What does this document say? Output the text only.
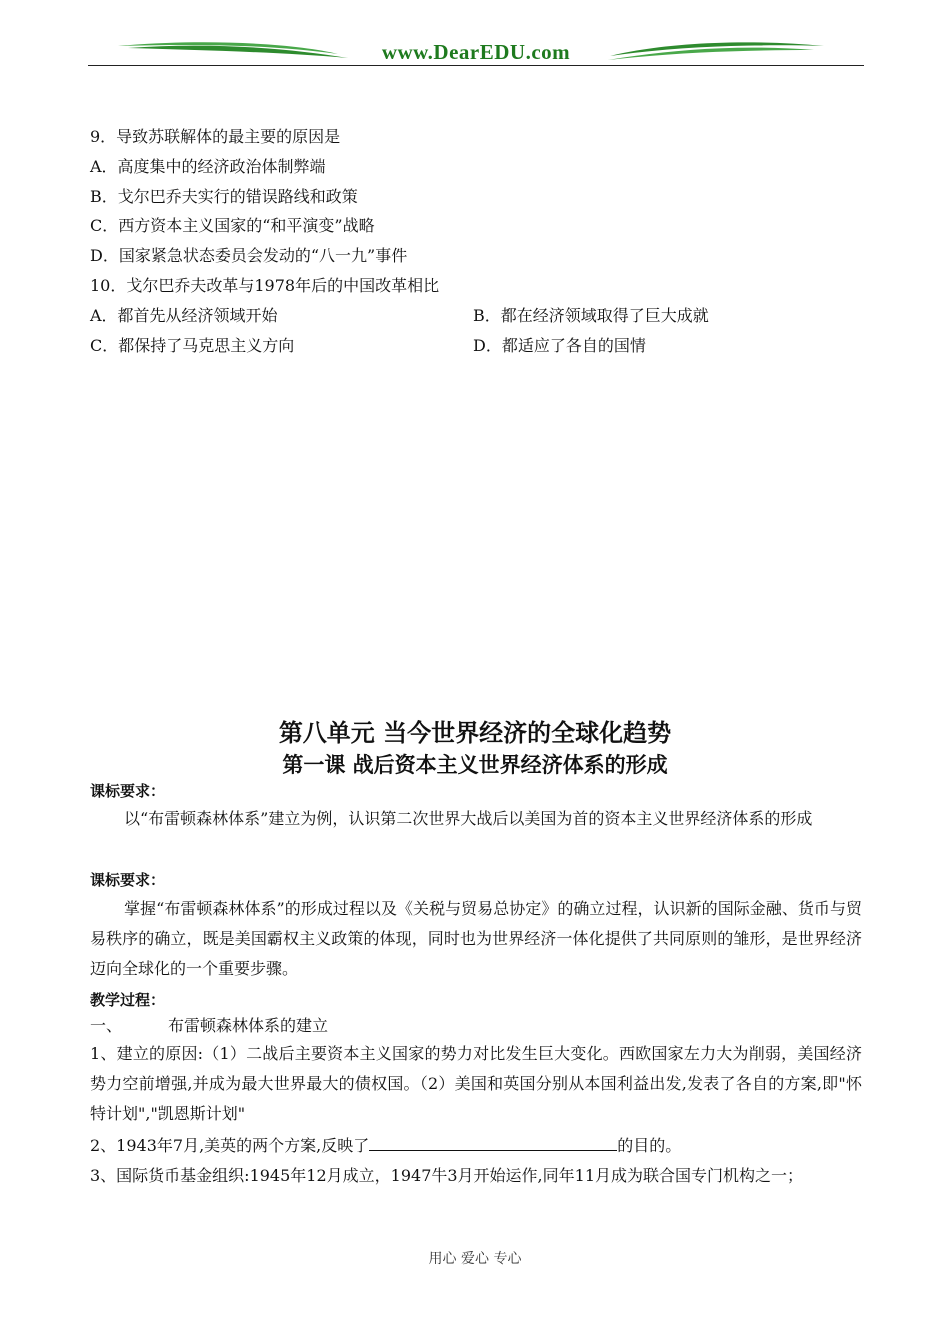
www.DearEDU.com
9．导致苏联解体的最主要的原因是
A．高度集中的经济政治体制弊端
B．戈尔巴乔夫实行的错误路线和政策
C．西方资本主义国家的“和平演变”战略
D．国家紧急状态委员会发动的“八一九”事件
10．戈尔巴乔夫改革与1978年后的中国改革相比
A．都首先从经济领域开始	B．都在经济领域取得了巨大成就
C．都保持了马克思主义方向	D．都适应了各自的国情
第八单元 当今世界经济的全球化趋势
第一课 战后资本主义世界经济体系的形成
课标要求：
以“布雷顿森林体系”建立为例，认识第二次世界大战后以美国为首的资本主义世界经济体系的形成
课标要求：
掌握“布雷顿森林体系”的形成过程以及《关税与贸易总协定》的确立过程，认识新的国际金融、货币与贸易秩序的确立，既是美国霸权主义政策的体现，同时也为世界经济一体化提供了共同原则的雏形，是世界经济迈向全球化的一个重要步骤。
教学过程：
一、	布雷顿森林体系的建立
1、建立的原因:（1）二战后主要资本主义国家的势力对比发生巨大变化。西欧国家左力大为削弱，美国经济势力空前增强,并成为最大世界最大的债权国。（2）美国和英国分别从本国利益出发,发表了各自的方案,即"怀特计划","凯恩斯计划"
2、1943年7月,美英的两个方案,反映了	的目的。
3、国际货币基金组织:1945年12月成立，1947牛3月开始运作,同年11月成为联合国专门机构之一；
用心 爱心 专心
